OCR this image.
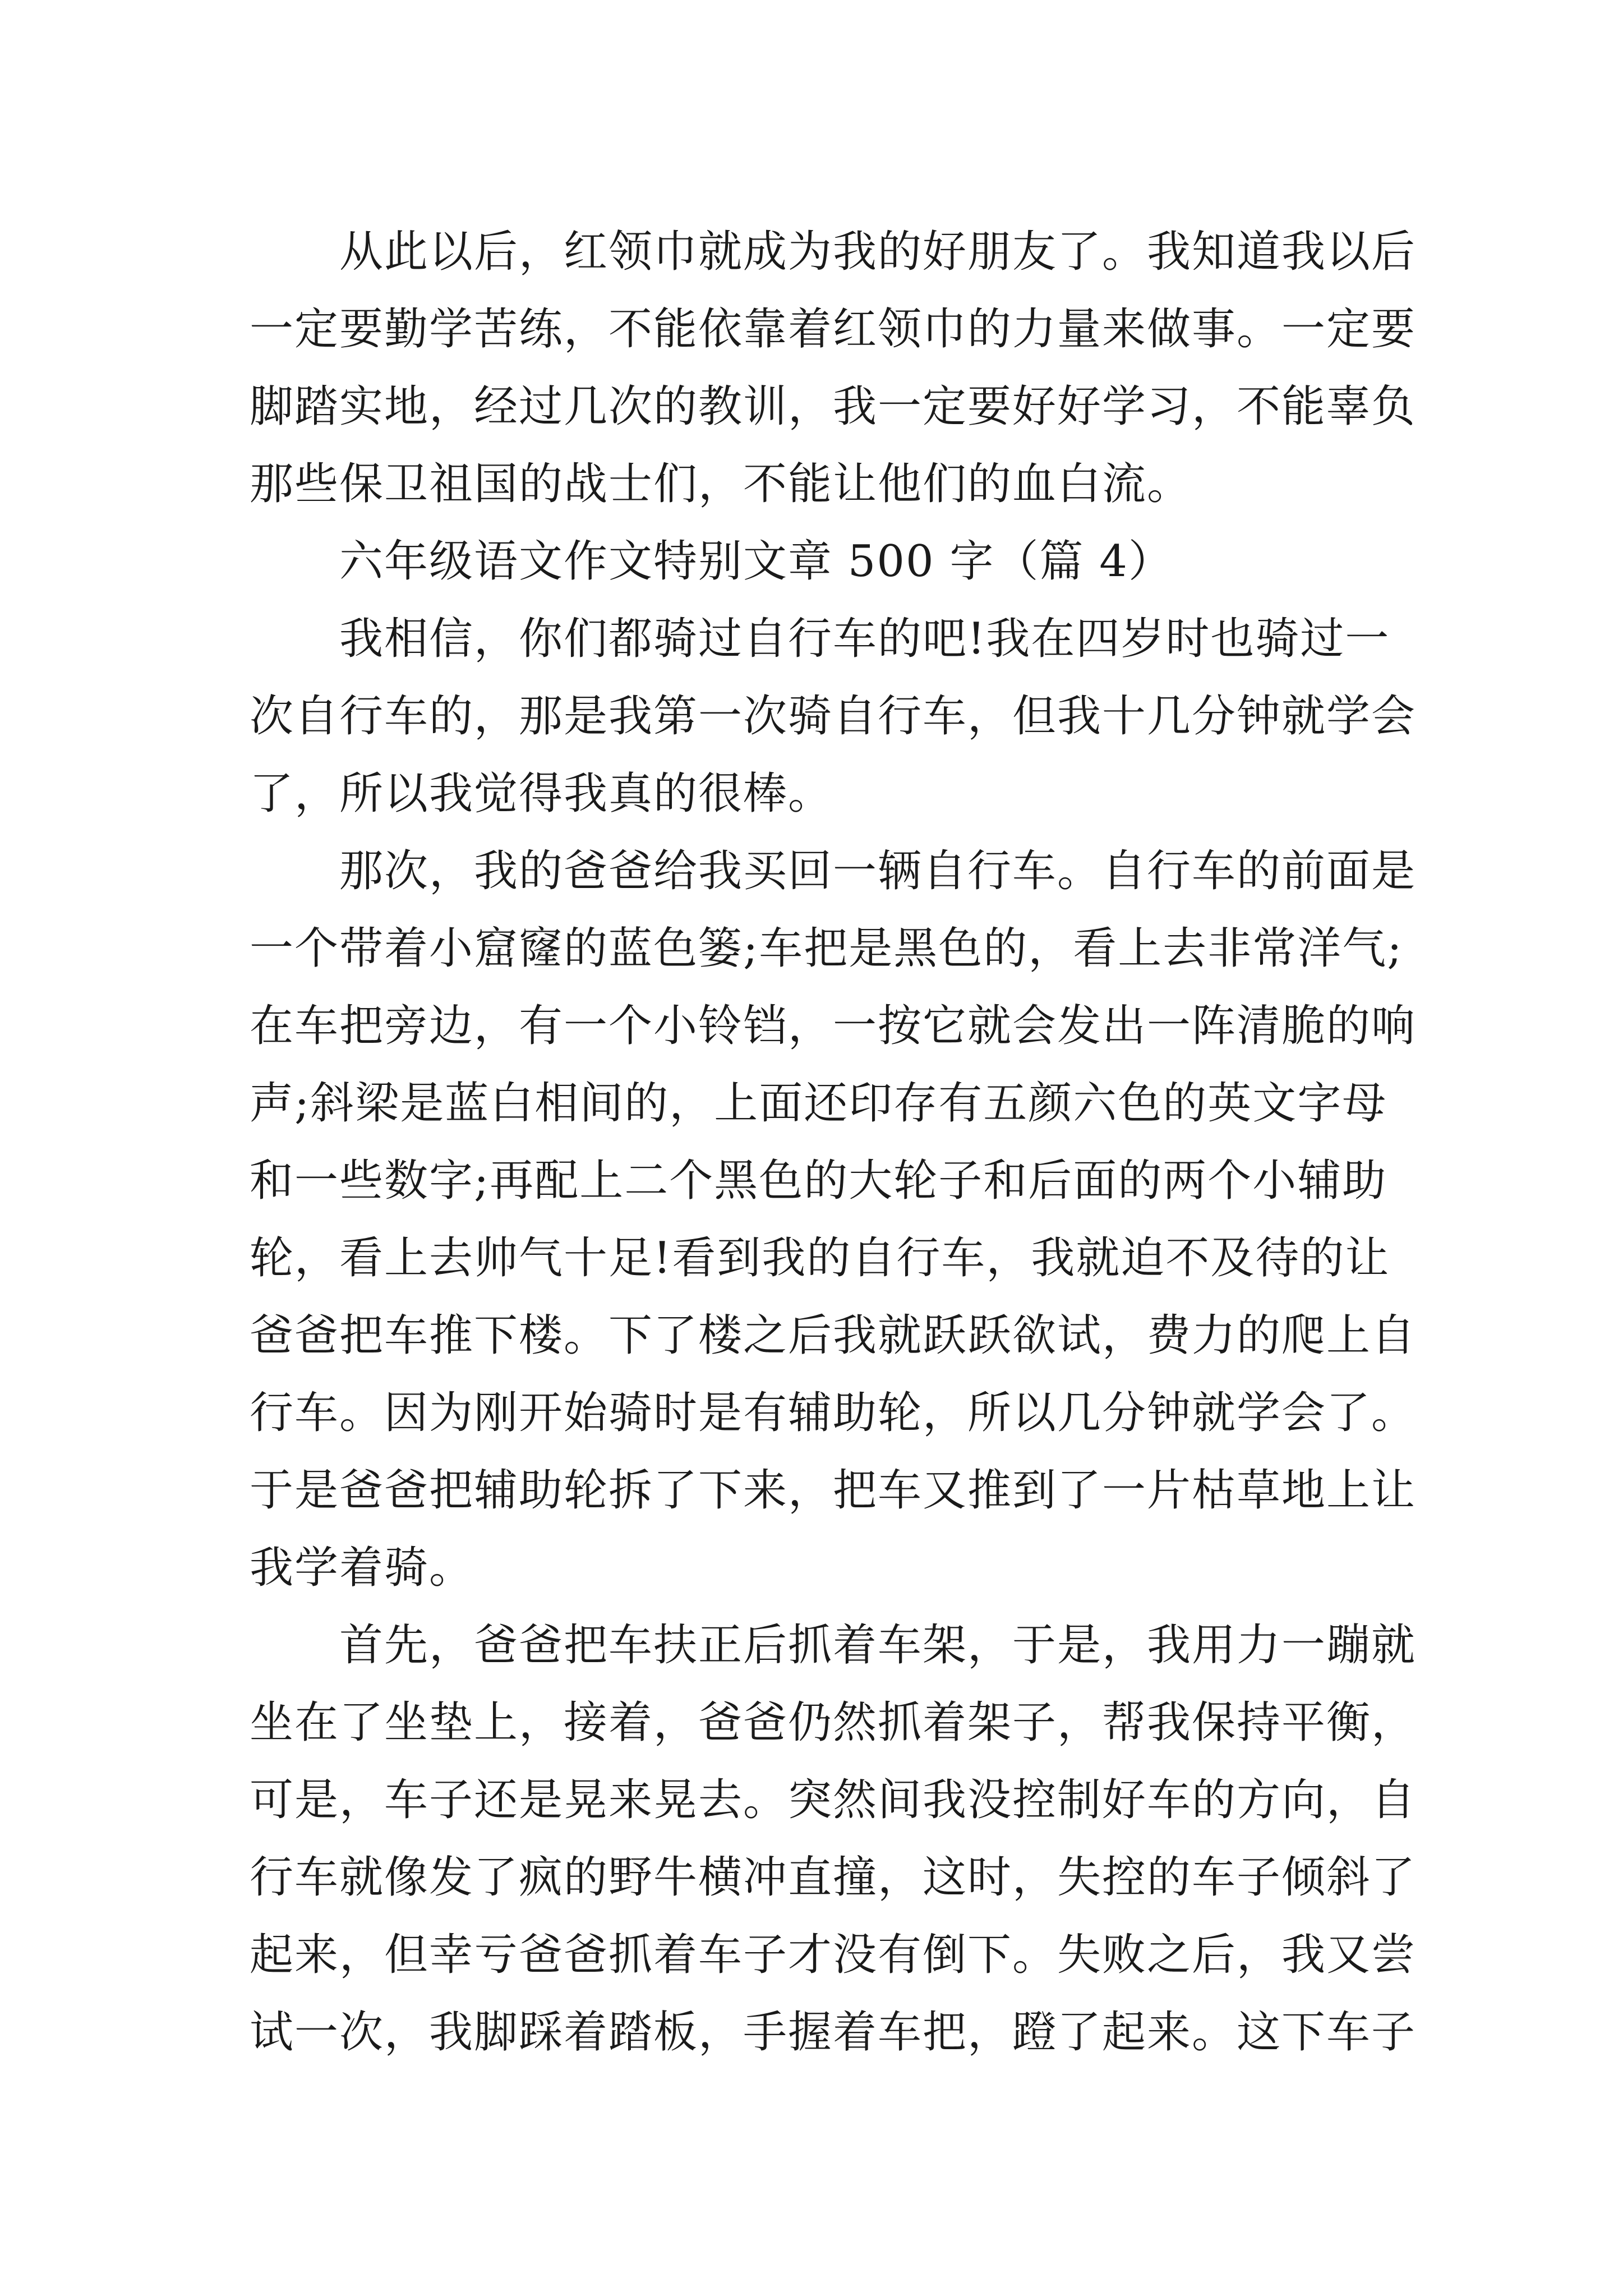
从此以后，红领巾就成为我的好朋友了。我知道我以后
一定要勤学苦练，不能依靠着红领巾的力量来做事。一定要
脚踏实地，经过几次的教训，我一定要好好学习，不能辜负
那些保卫祖国的战士们，不能让他们的血白流。
六年级语文作文特别文章 500 字（篇 4）
我相信，你们都骑过自行车的吧!我在四岁时也骑过一
次自行车的，那是我第一次骑自行车，但我十几分钟就学会
了，所以我觉得我真的很棒。
那次，我的爸爸给我买回一辆自行车。自行车的前面是
一个带着小窟窿的蓝色篓;车把是黑色的，看上去非常洋气;
在车把旁边，有一个小铃铛，一按它就会发出一阵清脆的响
声;斜梁是蓝白相间的，上面还印存有五颜六色的英文字母
和一些数字;再配上二个黑色的大轮子和后面的两个小辅助
轮，看上去帅气十足!看到我的自行车，我就迫不及待的让
爸爸把车推下楼。下了楼之后我就跃跃欲试，费力的爬上自
行车。因为刚开始骑时是有辅助轮，所以几分钟就学会了。
于是爸爸把辅助轮拆了下来，把车又推到了一片枯草地上让
我学着骑。
首先，爸爸把车扶正后抓着车架，于是，我用力一蹦就
坐在了坐垫上，接着，爸爸仍然抓着架子，帮我保持平衡，
可是，车子还是晃来晃去。突然间我没控制好车的方向，自
行车就像发了疯的野牛横冲直撞，这时，失控的车子倾斜了
起来，但幸亏爸爸抓着车子才没有倒下。失败之后，我又尝
试一次，我脚踩着踏板，手握着车把，蹬了起来。这下车子
